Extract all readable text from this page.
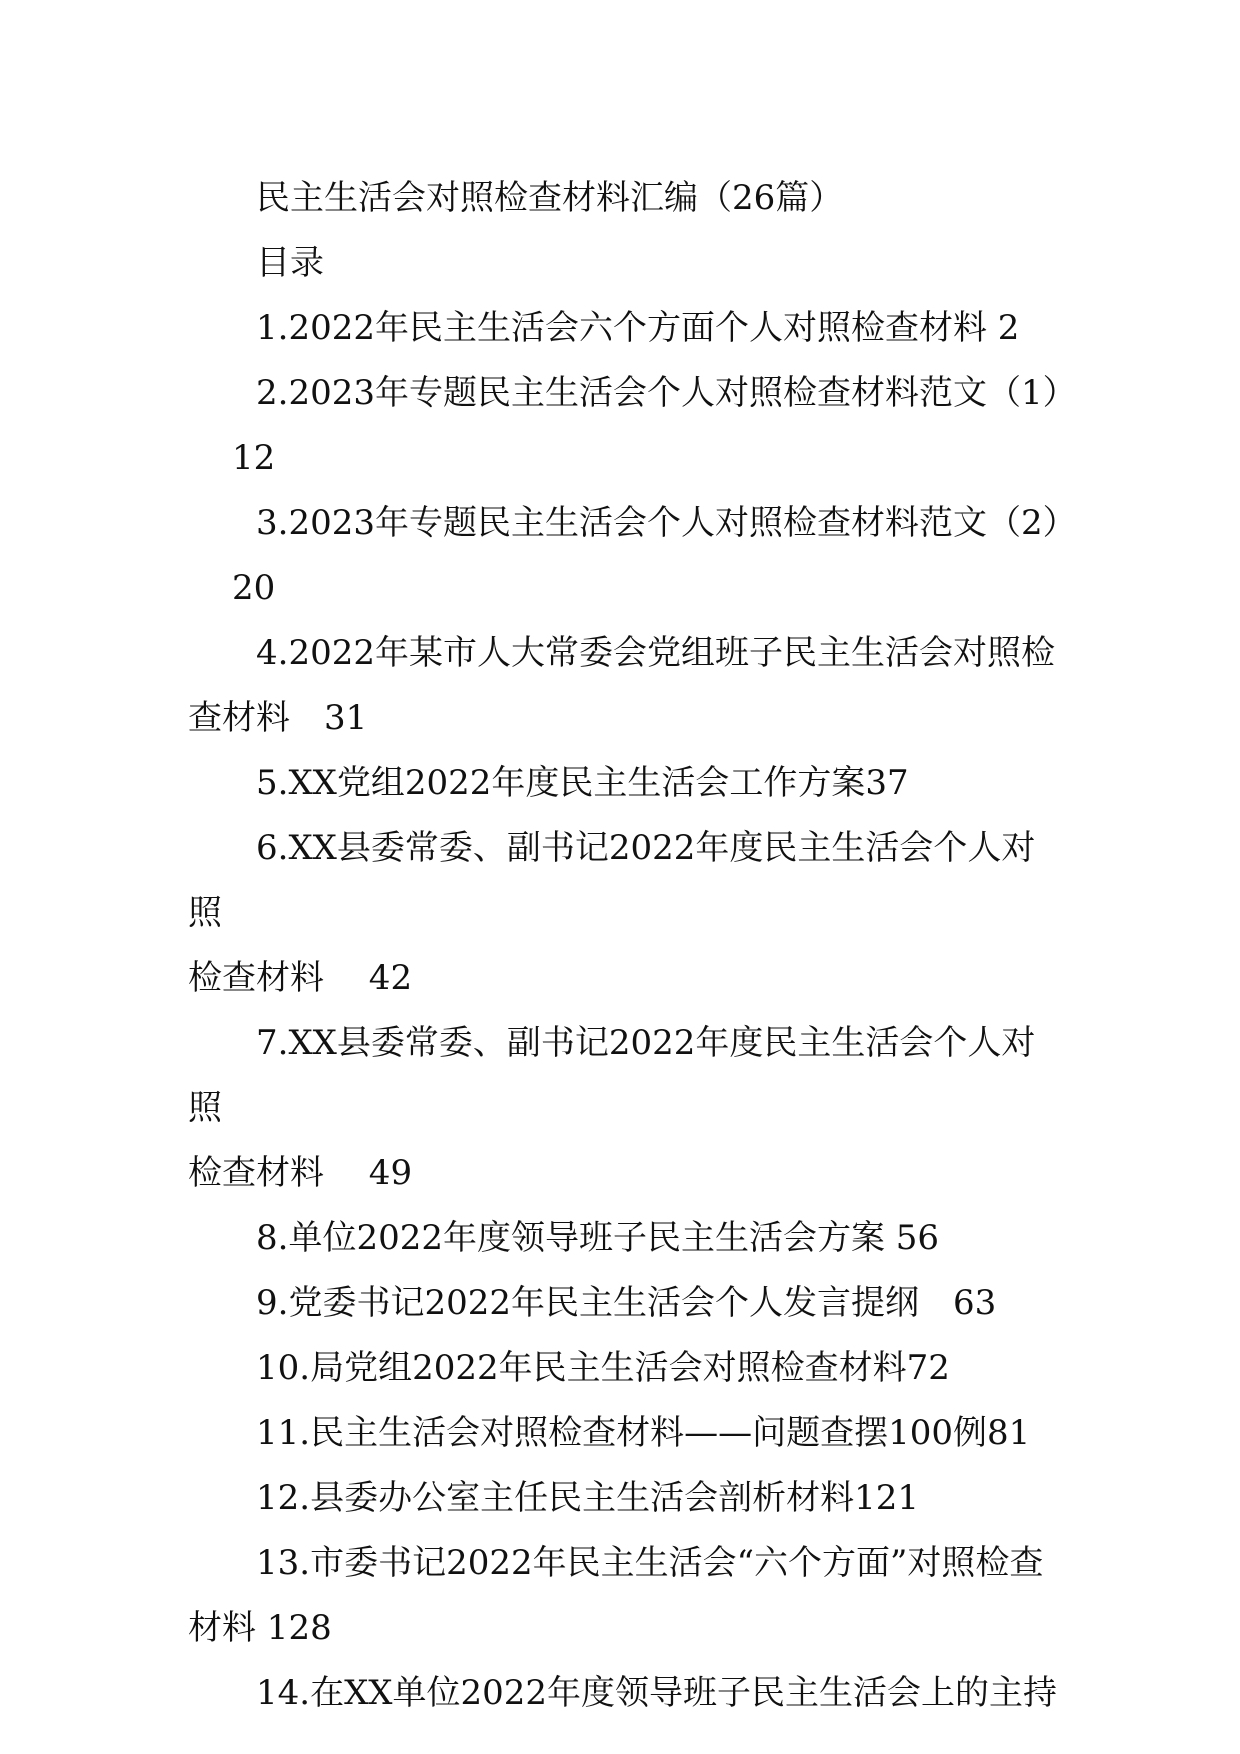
民主生活会对照检查材料汇编（26篇）
目录
1.2022年民主生活会六个方面个人对照检查材料 2
2.2023年专题民主生活会个人对照检查材料范文（1）
12
3.2023年专题民主生活会个人对照检查材料范文（2）
20
4.2022年某市人大常委会党组班子民主生活会对照检
查材料　31
5.XX党组2022年度民主生活会工作方案37
6.XX县委常委、副书记2022年度民主生活会个人对照
检查材料　 42
7.XX县委常委、副书记2022年度民主生活会个人对照
检查材料　 49
8.单位2022年度领导班子民主生活会方案 56
9.党委书记2022年民主生活会个人发言提纲　63
10.局党组2022年民主生活会对照检查材料72
11.民主生活会对照检查材料——问题查摆100例81
12.县委办公室主任民主生活会剖析材料121
13.市委书记2022年民主生活会“六个方面”对照检查
材料 128
14.在XX单位2022年度领导班子民主生活会上的主持
